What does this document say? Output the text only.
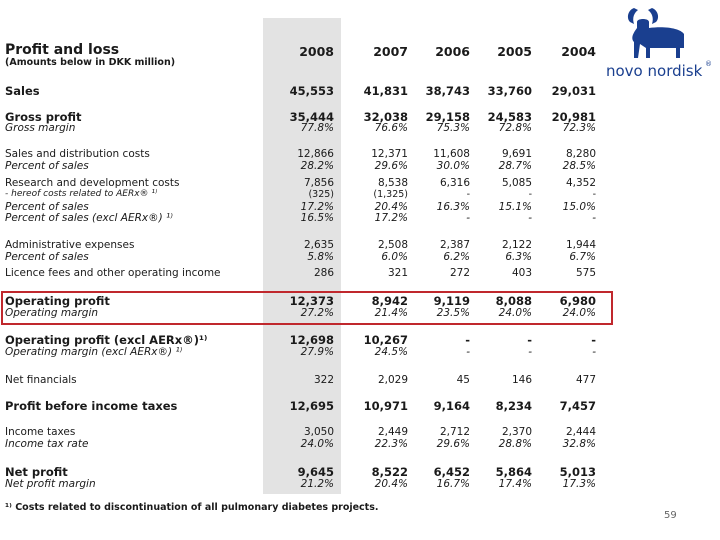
Profit and loss
(Amounts below in DKK million)
2008	2007	2006	2005	2004
Sales	45,553	41,831	38,743	33,760	29,031
Gross profit	35,444	32,038	29,158	24,583	20,981
Gross margin	77.8%	76.6%	75.3%	72.8%	72.3%
Sales and distribution costs	12,866	12,371	11,608	9,691	8,280
Percent of sales	28.2%	29.6%	30.0%	28.7%	28.5%
Research and development costs	7,856	8,538	6,316	5,085	4,352
- hereof costs related to AERx® ¹⁾	(325)	(1,325)	-	-	-
Percent of sales	17.2%	20.4%	16.3%	15.1%	15.0%
Percent of sales (excl AERx®) ¹⁾	16.5%	17.2%	-	-	-
Administrative expenses	2,635	2,508	2,387	2,122	1,944
Percent of sales	5.8%	6.0%	6.2%	6.3%	6.7%
Licence fees and other operating income	286	321	272	403	575
Operating profit	12,373	8,942	9,119	8,088	6,980
Operating margin	27.2%	21.4%	23.5%	24.0%	24.0%
Operating profit (excl AERx®)¹⁾	12,698	10,267	-	-	-
Operating margin (excl AERx®) ¹⁾	27.9%	24.5%	-	-	-
Net financials	322	2,029	45	146	477
Profit before income taxes	12,695	10,971	9,164	8,234	7,457
Income taxes	3,050	2,449	2,712	2,370	2,444
Income tax rate	24.0%	22.3%	29.6%	28.8%	32.8%
Net profit	9,645	8,522	6,452	5,864	5,013
Net profit margin	21.2%	20.4%	16.7%	17.4%	17.3%
¹⁾ Costs related to discontinuation of all pulmonary diabetes projects.
59
novo nordisk ®
